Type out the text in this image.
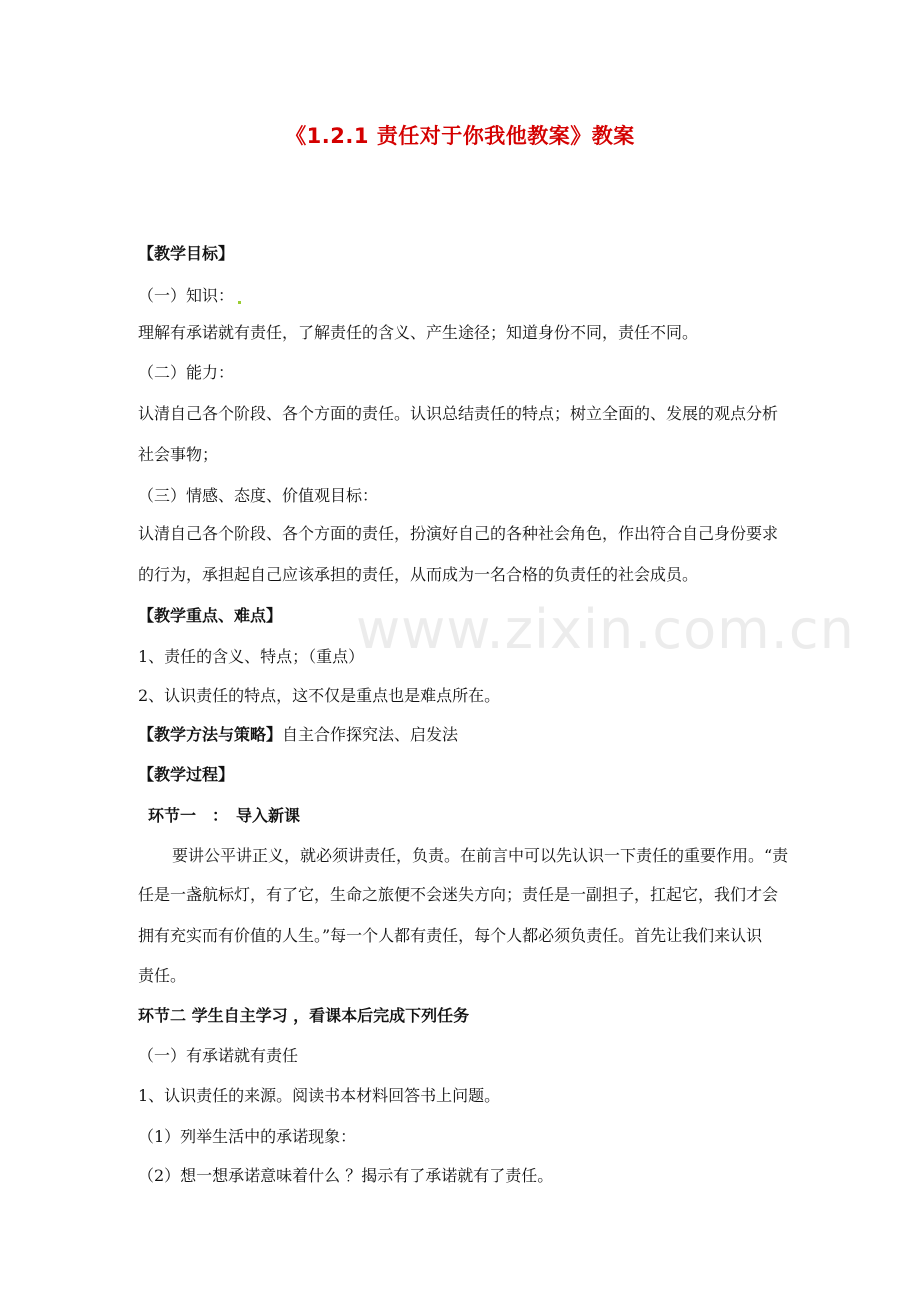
《1.2.1 责任对于你我他教案》教案
www.zixin.com.cn
【教学目标】
（一）知识：
理解有承诺就有责任，了解责任的含义、产生途径；知道身份不同，责任不同。
（二）能力：
认清自己各个阶段、各个方面的责任。认识总结责任的特点；树立全面的、发展的观点分析
社会事物；
（三）情感、态度、价值观目标：
认清自己各个阶段、各个方面的责任，扮演好自己的各种社会角色，作出符合自己身份要求
的行为，承担起自己应该承担的责任，从而成为一名合格的负责任的社会成员。
【教学重点、难点】
1、责任的含义、特点；（重点）
2、认识责任的特点，这不仅是重点也是难点所在。
【教学方法与策略】自主合作探究法、启发法
【教学过程】
环节一　：　导入新课
要讲公平讲正义，就必须讲责任，负责。在前言中可以先认识一下责任的重要作用。“责
任是一盏航标灯，有了它，生命之旅便不会迷失方向；责任是一副担子，扛起它，我们才会
拥有充实而有价值的人生。”每一个人都有责任，每个人都必须负责任。首先让我们来认识
责任。
环节二 学生自主学习 ，看课本后完成下列任务
（一）有承诺就有责任
1、认识责任的来源。阅读书本材料回答书上问题。
（1）列举生活中的承诺现象：
（2）想一想承诺意味着什么 ？揭示有了承诺就有了责任。
